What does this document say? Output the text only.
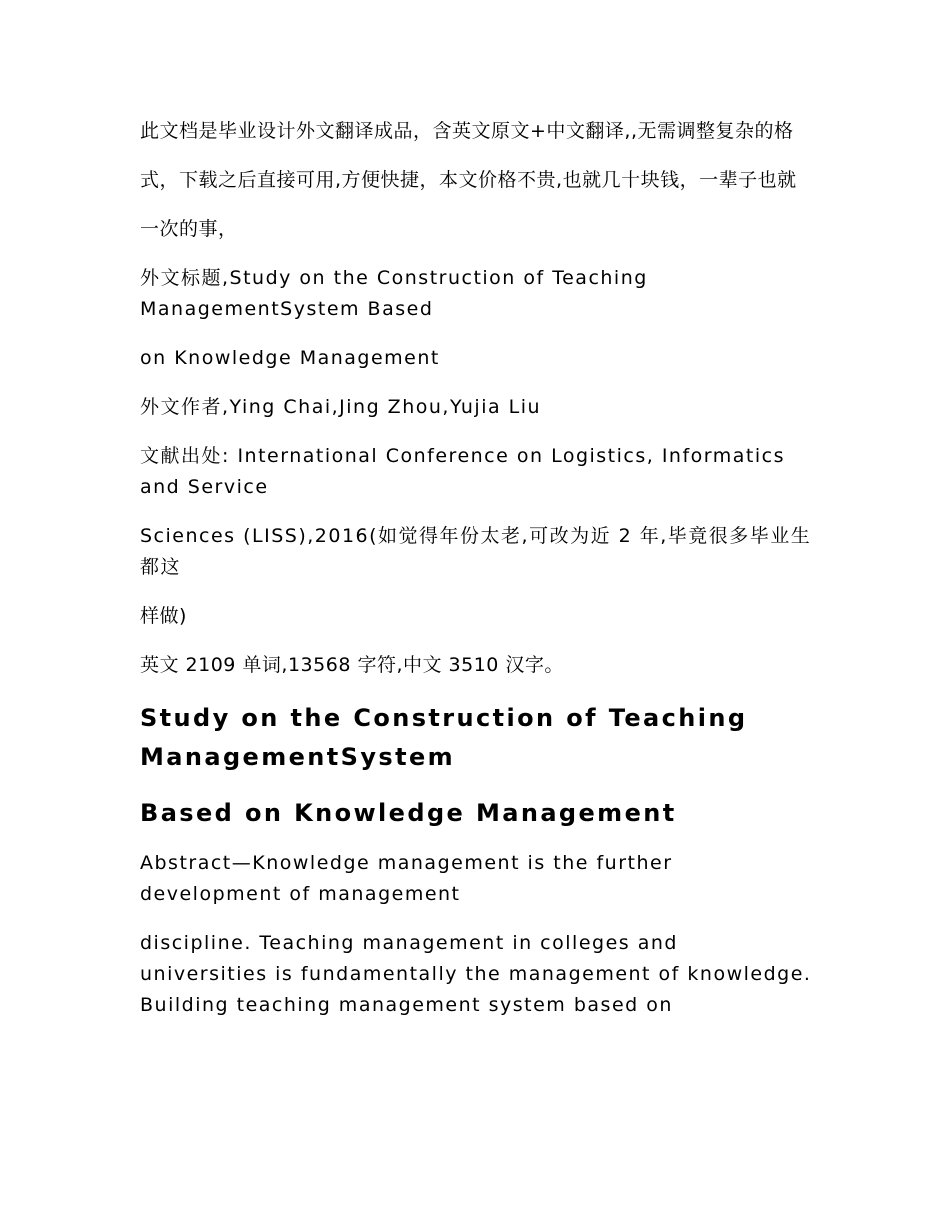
此文档是毕业设计外文翻译成品，含英文原文+中文翻译,,无需调整复杂的格

式，下载之后直接可用,方便快捷，本文价格不贵,也就几十块钱，一辈子也就

一次的事，

外文标题,Study on the Construction of Teaching ManagementSystem Based

on Knowledge Management

外文作者,Ying Chai,Jing Zhou,Yujia Liu

文献出处: International Conference on Logistics, Informatics and Service

Sciences (LISS),2016(如觉得年份太老,可改为近 2 年,毕竟很多毕业生都这

样做)

英文 2109 单词,13568 字符,中文 3510 汉字。

Study on the Construction of Teaching ManagementSystem
Based on Knowledge Management

Abstract—Knowledge management is the further development of management

discipline. Teaching management in colleges and universities is fundamentally the management of knowledge. Building teaching management system based on
